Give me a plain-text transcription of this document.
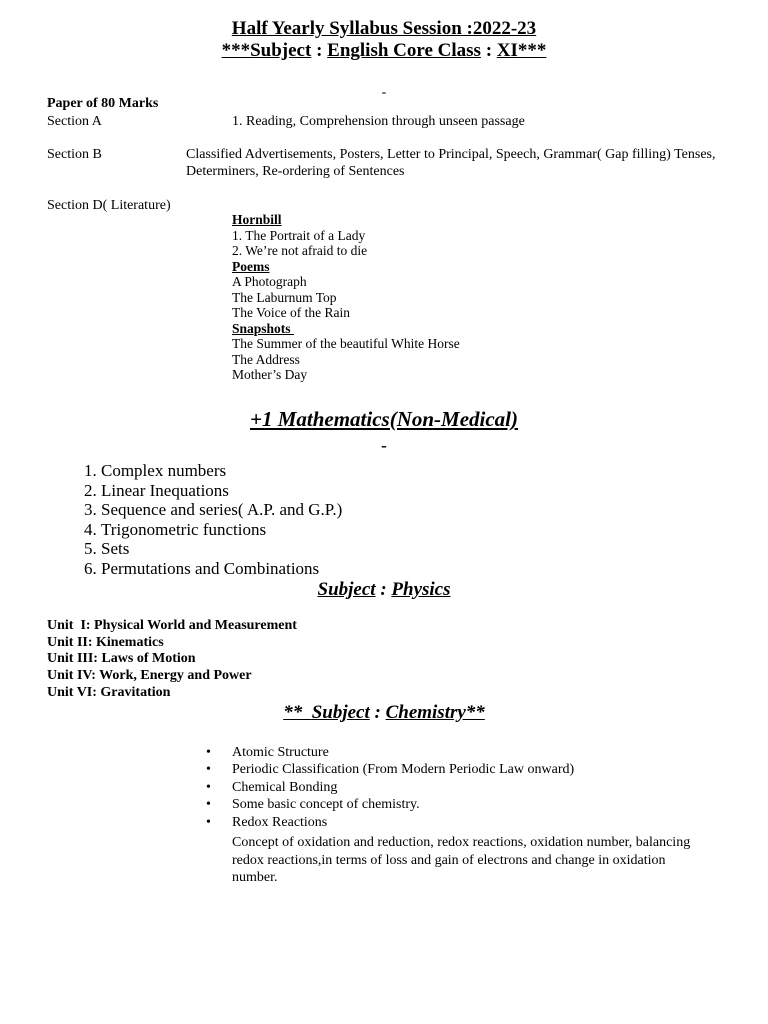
Half Yearly Syllabus Session :2022-23
***Subject : English Core Class : XI***
-
Paper of 80 Marks
Section A	1. Reading, Comprehension through unseen passage
Section B	Classified Advertisements, Posters, Letter to Principal, Speech, Grammar( Gap filling) Tenses, Determiners, Re-ordering of Sentences
Section D( Literature)
Hornbill
1. The Portrait of a Lady
2. We’re not afraid to die
Poems
A Photograph
The Laburnum Top
The Voice of the Rain
Snapshots
The Summer of the beautiful White Horse
The Address
Mother’s Day
+1 Mathematics(Non-Medical)
-
1. Complex numbers
2. Linear Inequations
3. Sequence and series( A.P. and G.P.)
4. Trigonometric functions
5. Sets
6. Permutations and Combinations
Subject : Physics
Unit  I: Physical World and Measurement
Unit II: Kinematics
Unit III: Laws of Motion
Unit IV: Work, Energy and Power
Unit VI: Gravitation
**  Subject : Chemistry**
• Atomic Structure
• Periodic Classification (From Modern Periodic Law onward)
• Chemical Bonding
• Some basic concept of chemistry.
• Redox Reactions
Concept of oxidation and reduction, redox reactions, oxidation number, balancing redox reactions,in terms of loss and gain of electrons and change in oxidation number.
